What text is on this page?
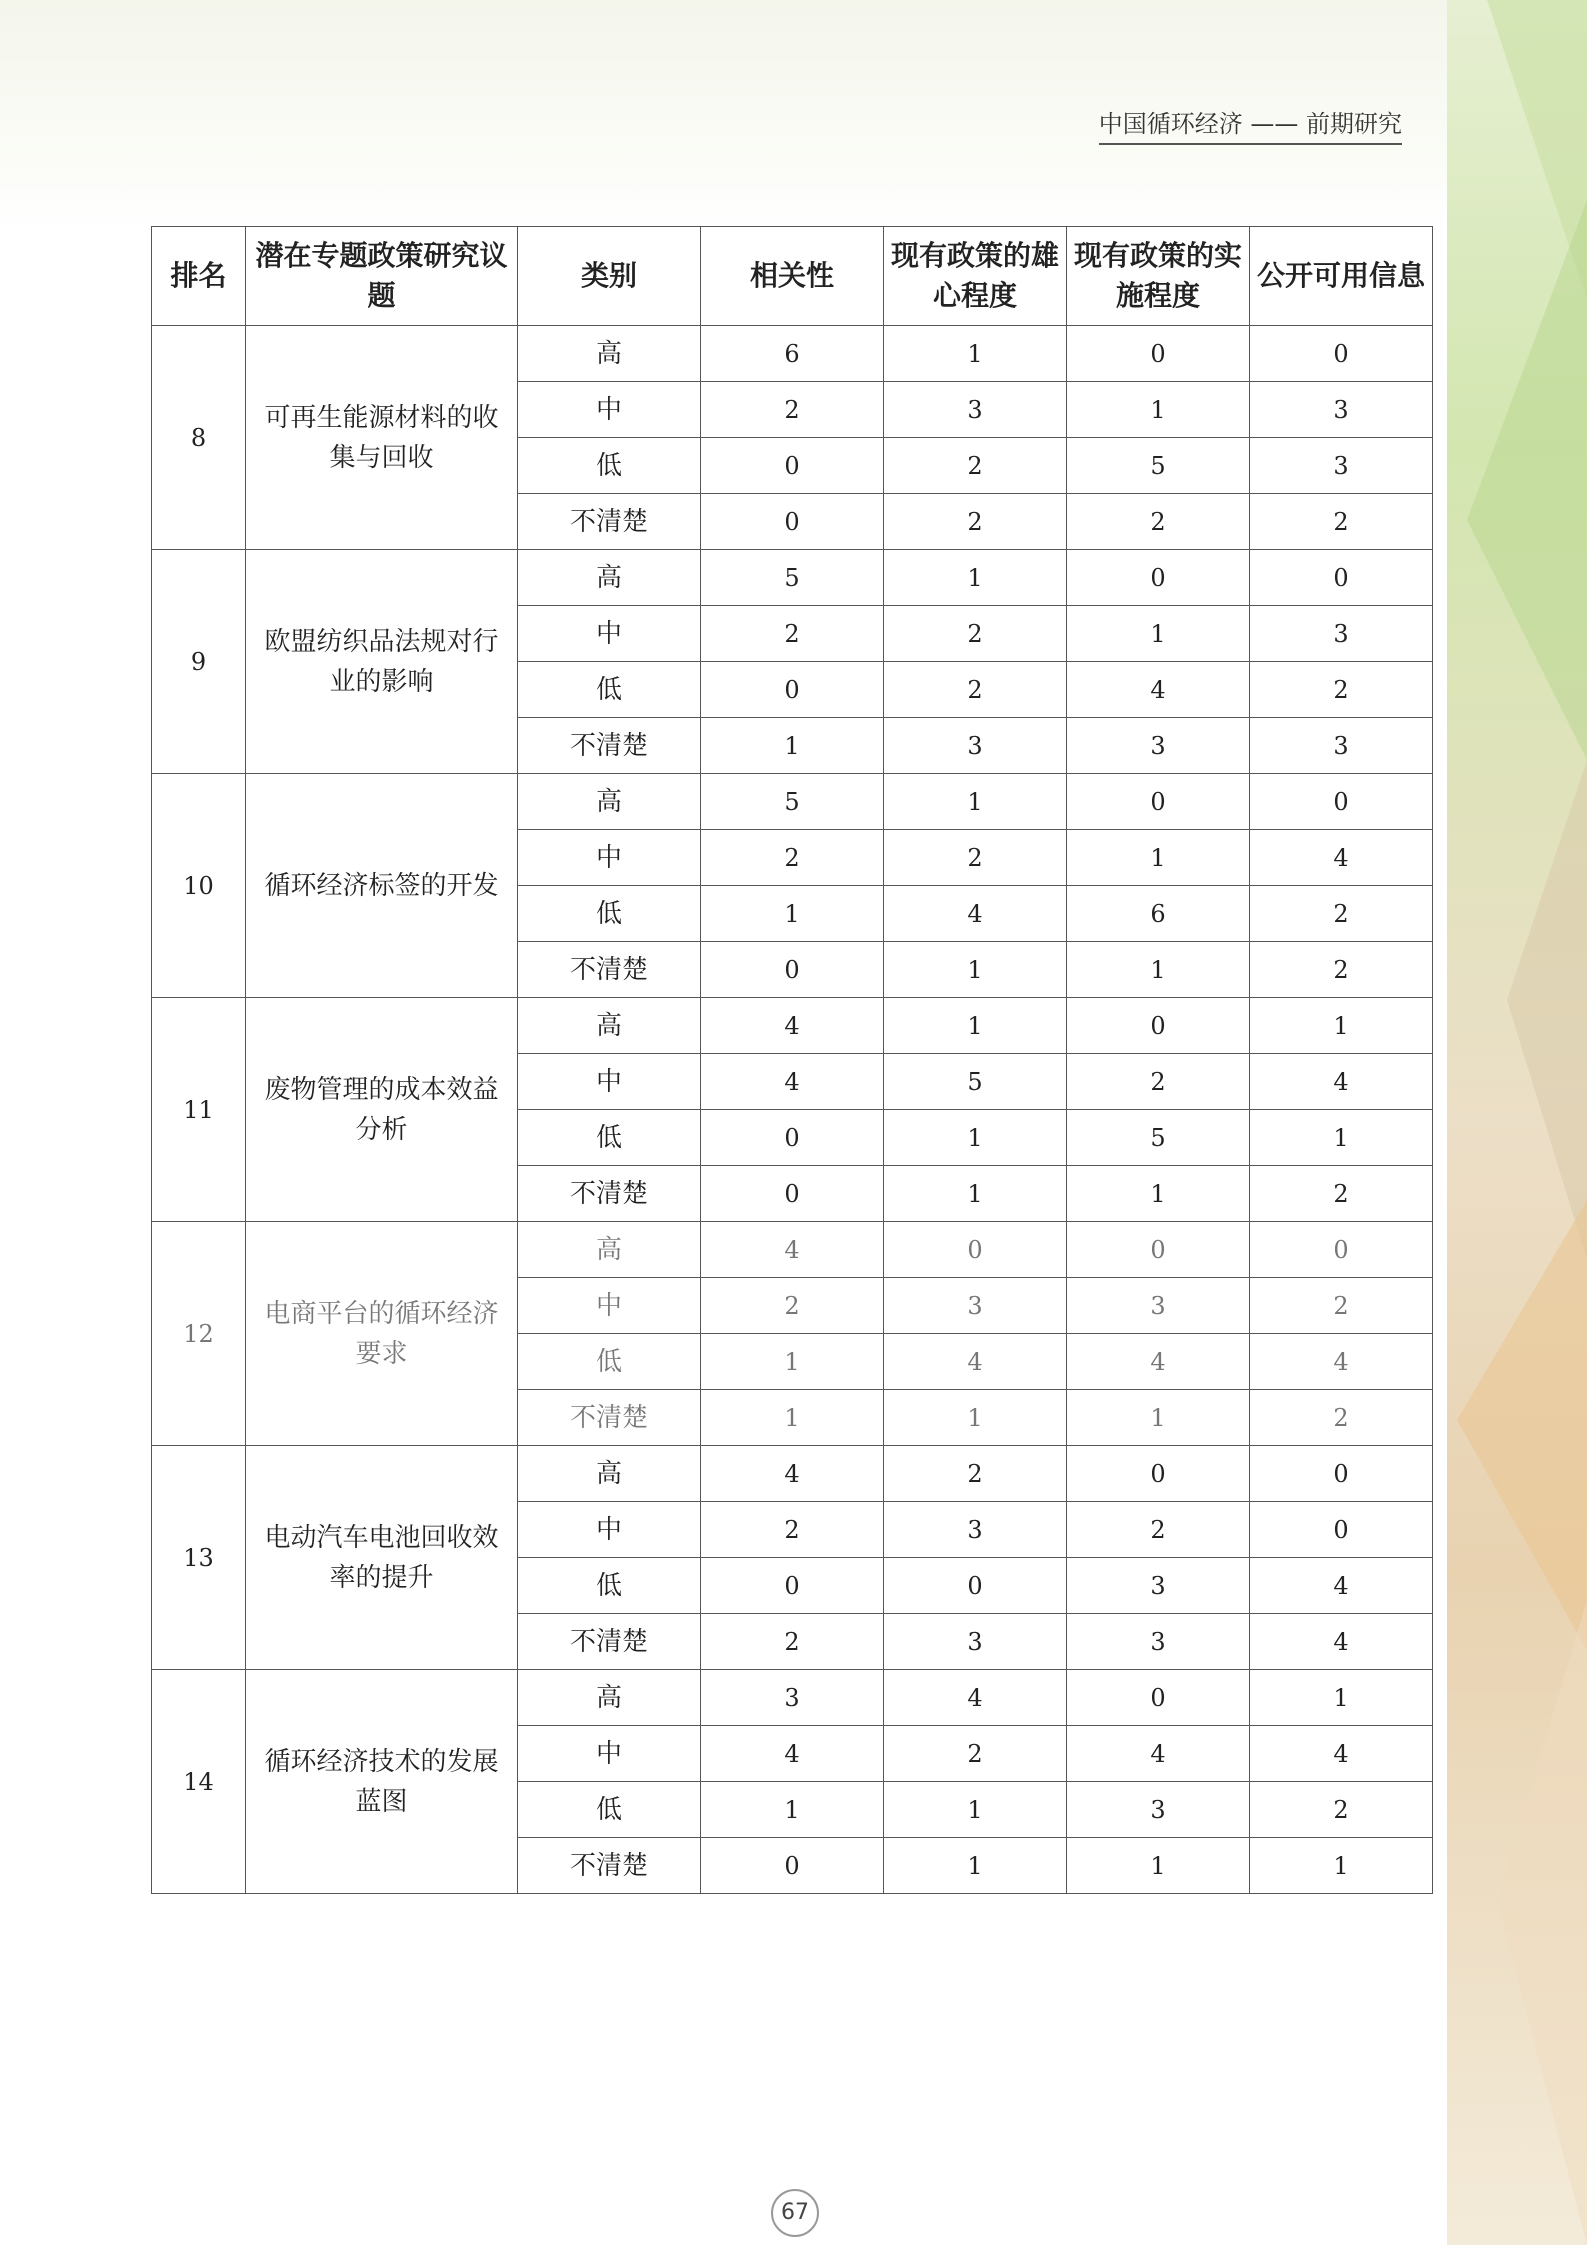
中国循环经济 —— 前期研究
排名	潜在专题政策研究议题	类别	相关性	现有政策的雄心程度	现有政策的实施程度	公开可用信息
8	可再生能源材料的收集与回收	高	6	1	0	0
		中	2	3	1	3
		低	0	2	5	3
		不清楚	0	2	2	2
9	欧盟纺织品法规对行业的影响	高	5	1	0	0
		中	2	2	1	3
		低	0	2	4	2
		不清楚	1	3	3	3
10	循环经济标签的开发	高	5	1	0	0
		中	2	2	1	4
		低	1	4	6	2
		不清楚	0	1	1	2
11	废物管理的成本效益分析	高	4	1	0	1
		中	4	5	2	4
		低	0	1	5	1
		不清楚	0	1	1	2
12	电商平台的循环经济要求	高	4	0	0	0
		中	2	3	3	2
		低	1	4	4	4
		不清楚	1	1	1	2
13	电动汽车电池回收效率的提升	高	4	2	0	0
		中	2	3	2	0
		低	0	0	3	4
		不清楚	2	3	3	4
14	循环经济技术的发展蓝图	高	3	4	0	1
		中	4	2	4	4
		低	1	1	3	2
		不清楚	0	1	1	1
67
